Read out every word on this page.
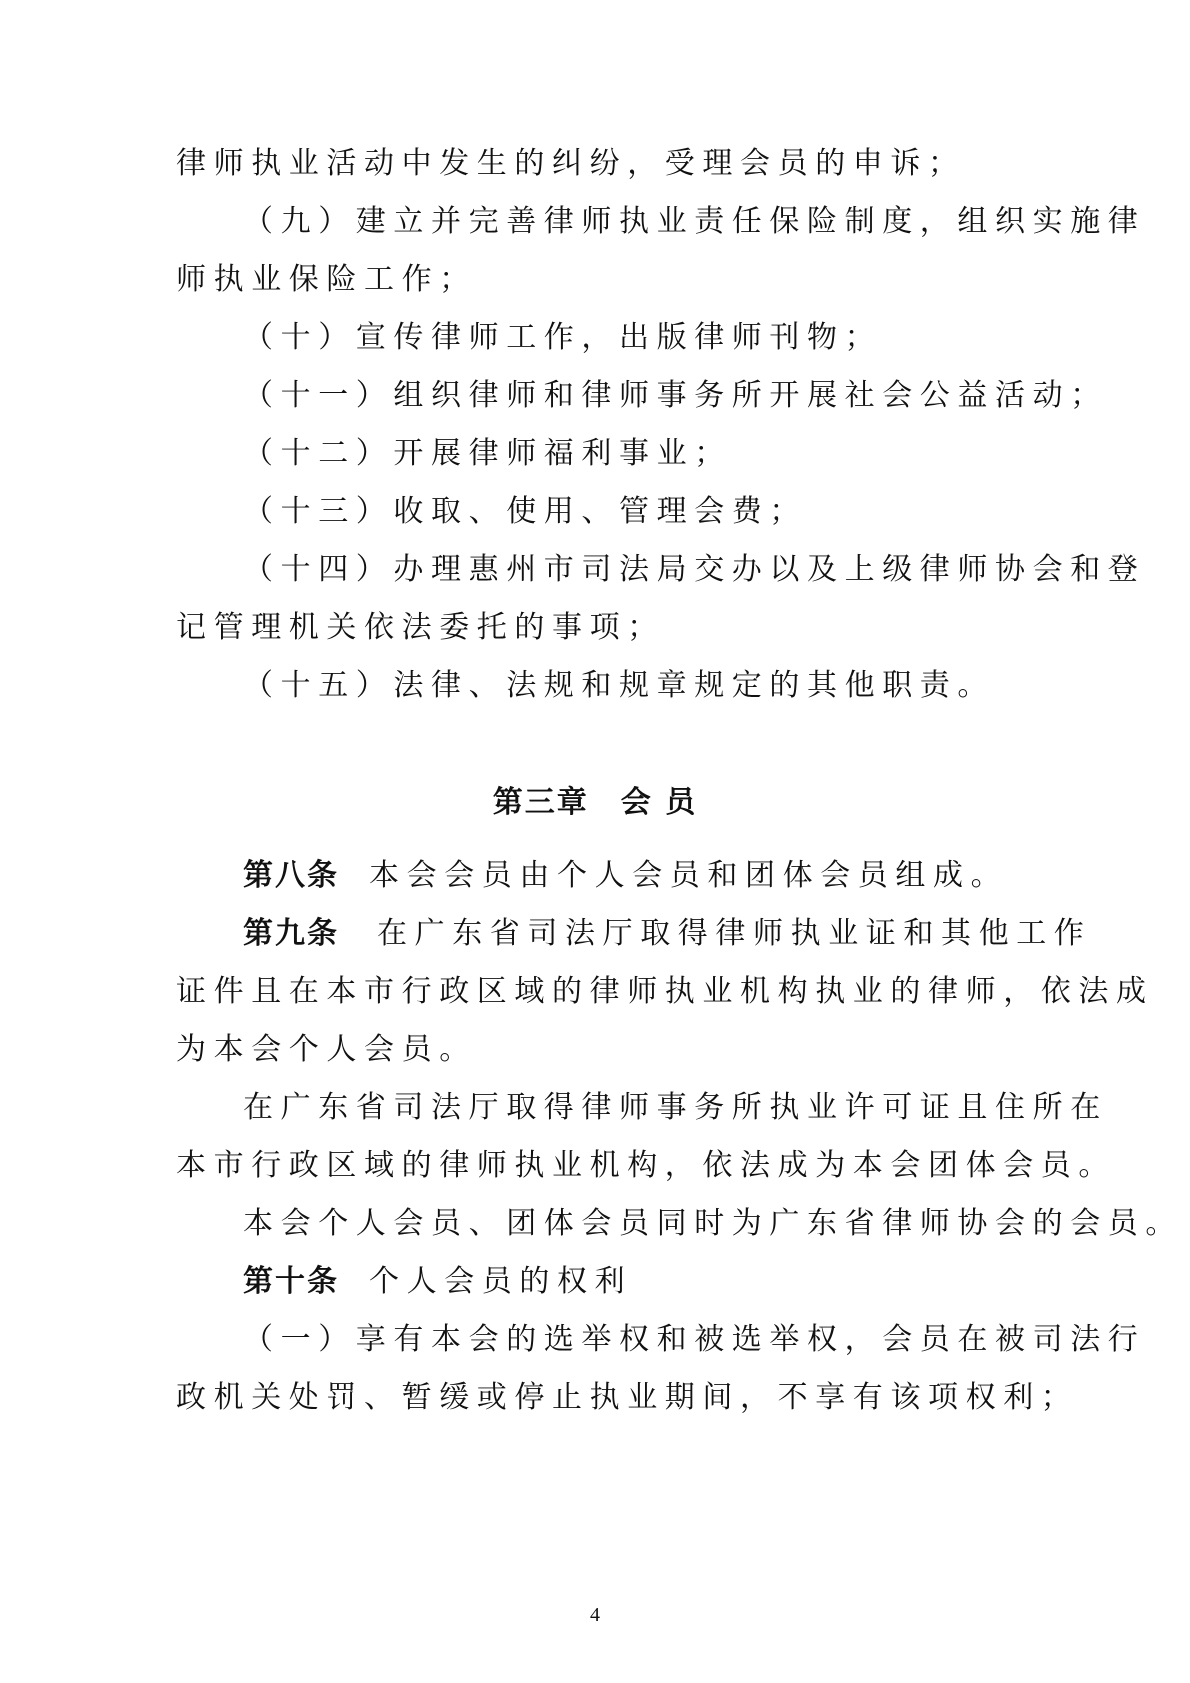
律师执业活动中发生的纠纷，受理会员的申诉；
（九）建立并完善律师执业责任保险制度，组织实施律
师执业保险工作；
（十）宣传律师工作，出版律师刊物；
（十一）组织律师和律师事务所开展社会公益活动；
（十二）开展律师福利事业；
（十三）收取、使用、管理会费；
（十四）办理惠州市司法局交办以及上级律师协会和登
记管理机关依法委托的事项；
（十五）法律、法规和规章规定的其他职责。
第三章　会 员
第八条 本会会员由个人会员和团体会员组成。
第九条 在广东省司法厅取得律师执业证和其他工作
证件且在本市行政区域的律师执业机构执业的律师，依法成
为本会个人会员。
在广东省司法厅取得律师事务所执业许可证且住所在
本市行政区域的律师执业机构，依法成为本会团体会员。
本会个人会员、团体会员同时为广东省律师协会的会员。
第十条 个人会员的权利
（一）享有本会的选举权和被选举权，会员在被司法行
政机关处罚、暂缓或停止执业期间，不享有该项权利；
4
